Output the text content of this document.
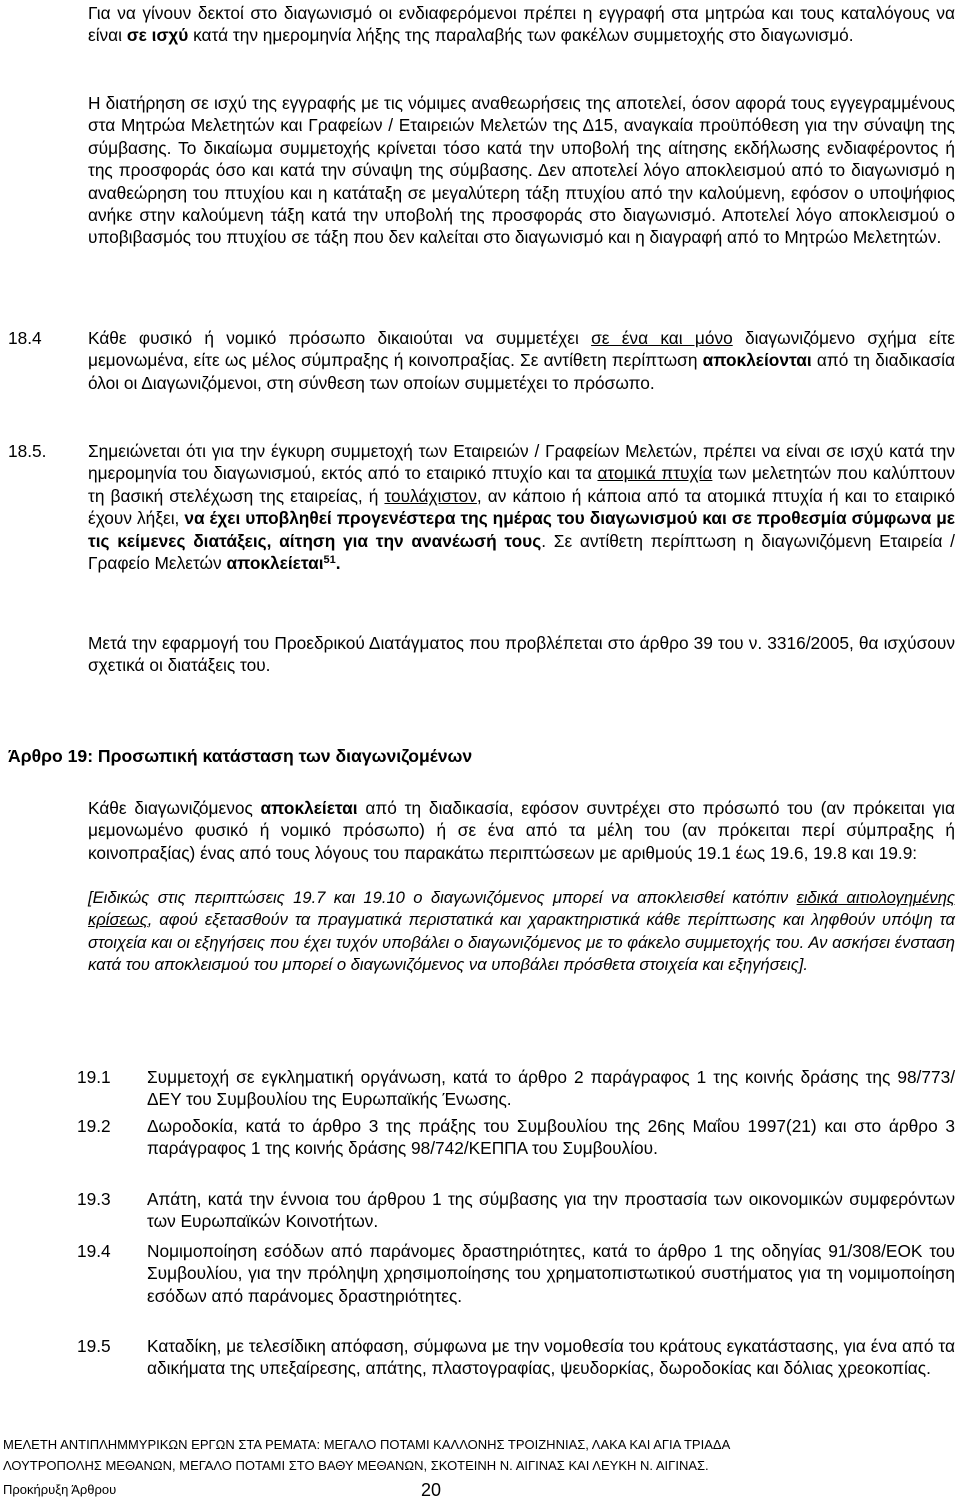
Για να γίνουν δεκτοί στο διαγωνισμό οι ενδιαφερόμενοι πρέπει η εγγραφή στα μητρώα και τους καταλόγους να είναι σε ισχύ κατά την ημερομηνία λήξης της παραλαβής των φακέλων συμμετοχής στο διαγωνισμό.

Η διατήρηση σε ισχύ της εγγραφής με τις νόμιμες αναθεωρήσεις της αποτελεί, όσον αφορά τους εγγεγραμμένους στα Μητρώα Μελετητών και Γραφείων / Εταιρειών Μελετών της Δ15, αναγκαία προϋπόθεση για την σύναψη της σύμβασης. Το δικαίωμα συμμετοχής κρίνεται τόσο κατά την υποβολή της αίτησης εκδήλωσης ενδιαφέροντος ή της προσφοράς όσο και κατά την σύναψη της σύμβασης. Δεν αποτελεί λόγο αποκλεισμού από το διαγωνισμό η αναθεώρηση του πτυχίου και η κατάταξη σε μεγαλύτερη τάξη πτυχίου από την καλούμενη, εφόσον ο υποψήφιος ανήκε στην καλούμενη τάξη κατά την υποβολή της προσφοράς στο διαγωνισμό. Αποτελεί λόγο αποκλεισμού ο υποβιβασμός του πτυχίου σε τάξη που δεν καλείται στο διαγωνισμό και η διαγραφή από το Μητρώο Μελετητών.

18.4	Κάθε φυσικό ή νομικό πρόσωπο δικαιούται να συμμετέχει σε ένα και μόνο διαγωνιζόμενο σχήμα είτε μεμονωμένα, είτε ως μέλος σύμπραξης ή κοινοπραξίας. Σε αντίθετη περίπτωση αποκλείονται από τη διαδικασία όλοι οι Διαγωνιζόμενοι, στη σύνθεση των οποίων συμμετέχει το πρόσωπο.

18.5.	Σημειώνεται ότι για την έγκυρη συμμετοχή των Εταιρειών / Γραφείων Μελετών, πρέπει να είναι σε ισχύ κατά την ημερομηνία του διαγωνισμού, εκτός από το εταιρικό πτυχίο και τα ατομικά πτυχία των μελετητών που καλύπτουν τη βασική στελέχωση της εταιρείας, ή τουλάχιστον, αν κάποιο ή κάποια από τα ατομικά πτυχία ή και το εταιρικό έχουν λήξει, να έχει υποβληθεί προγενέστερα της ημέρας του διαγωνισμού και σε προθεσμία σύμφωνα με τις κείμενες διατάξεις, αίτηση για την ανανέωσή τους. Σε αντίθετη περίπτωση η διαγωνιζόμενη Εταιρεία / Γραφείο Μελετών αποκλείεται$^{51}$.

Μετά την εφαρμογή του Προεδρικού Διατάγματος που προβλέπεται στο άρθρο 39 του ν. 3316/2005, θα ισχύσουν σχετικά οι διατάξεις του.

Άρθρο 19: Προσωπική κατάσταση των διαγωνιζομένων

Κάθε διαγωνιζόμενος αποκλείεται από τη διαδικασία, εφόσον συντρέχει στο πρόσωπό του (αν πρόκειται για μεμονωμένο φυσικό ή νομικό πρόσωπο) ή σε ένα από τα μέλη του (αν πρόκειται περί σύμπραξης ή κοινοπραξίας) ένας από τους λόγους του παρακάτω περιπτώσεων με αριθμούς 19.1 έως 19.6, 19.8 και 19.9:

[Ειδικώς στις περιπτώσεις 19.7 και 19.10 ο διαγωνιζόμενος μπορεί να αποκλεισθεί κατόπιν ειδικά αιτιολογημένης κρίσεως, αφού εξετασθούν τα πραγματικά περιστατικά και χαρακτηριστικά κάθε περίπτωσης και ληφθούν υπόψη τα στοιχεία και οι εξηγήσεις που έχει τυχόν υποβάλει ο διαγωνιζόμενος με το φάκελο συμμετοχής του. Αν ασκήσει ένσταση κατά του αποκλεισμού του μπορεί ο διαγωνιζόμενος να υποβάλει πρόσθετα στοιχεία και εξηγήσεις].

19.1	Συμμετοχή σε εγκληματική οργάνωση, κατά το άρθρο 2 παράγραφος 1 της κοινής δράσης της 98/773/ΔΕΥ του Συμβουλίου της Ευρωπαϊκής Ένωσης.

19.2	Δωροδοκία, κατά το άρθρο 3 της πράξης του Συμβουλίου της 26ης Μαΐου 1997(21) και στο άρθρο 3 παράγραφος 1 της κοινής δράσης 98/742/ΚΕΠΠΑ του Συμβουλίου.

19.3	Απάτη, κατά την έννοια του άρθρου 1 της σύμβασης για την προστασία των οικονομικών συμφερόντων των Ευρωπαϊκών Κοινοτήτων.

19.4	Νομιμοποίηση εσόδων από παράνομες δραστηριότητες, κατά το άρθρο 1 της οδηγίας 91/308/ΕΟΚ του Συμβουλίου, για την πρόληψη χρησιμοποίησης του χρηματοπιστωτικού συστήματος για τη νομιμοποίηση εσόδων από παράνομες δραστηριότητες.

19.5	Καταδίκη, με τελεσίδικη απόφαση, σύμφωνα με την νομοθεσία του κράτους εγκατάστασης, για ένα από τα αδικήματα της υπεξαίρεσης, απάτης, πλαστογραφίας, ψευδορκίας, δωροδοκίας και δόλιας χρεοκοπίας.

ΜΕΛΕΤΗ ΑΝΤΙΠΛΗΜΜΥΡΙΚΩΝ ΕΡΓΩΝ ΣΤΑ ΡΕΜΑΤΑ: ΜΕΓΑΛΟ ΠΟΤΑΜΙ ΚΑΛΛΟΝΗΣ ΤΡΟΙΖΗΝΙΑΣ, ΛΑΚΑ ΚΑΙ ΑΓΙΑ ΤΡΙΑΔΑ
ΛΟΥΤΡΟΠΟΛΗΣ ΜΕΘΑΝΩΝ, ΜΕΓΑΛΟ ΠΟΤΑΜΙ ΣΤΟ ΒΑΘΥ ΜΕΘΑΝΩΝ, ΣΚΟΤΕΙΝΗ Ν. ΑΙΓΙΝΑΣ ΚΑΙ ΛΕΥΚΗ Ν. ΑΙΓΙΝΑΣ.
Προκήρυξη Άρθρου	20
